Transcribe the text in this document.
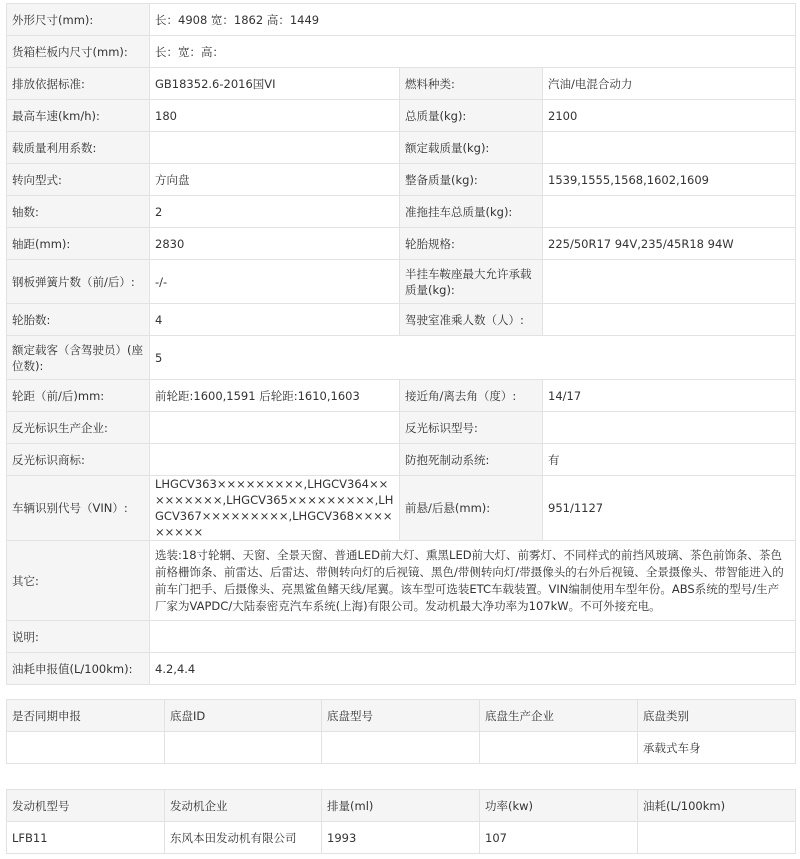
外形尺寸(mm):	长：4908 宽：1862 高：1449		
货箱栏板内尺寸(mm):	长：宽：高：		
排放依据标准:	GB18352.6-2016国VI	燃料种类:	汽油/电混合动力
最高车速(km/h):	180	总质量(kg):	2100
载质量利用系数:		额定载质量(kg):	
转向型式:	方向盘	整备质量(kg):	1539,1555,1568,1602,1609
轴数:	2	准拖挂车总质量(kg):	
轴距(mm):	2830	轮胎规格:	225/50R17 94V,235/45R18 94W
钢板弹簧片数（前/后）:	-/-	半挂车鞍座最大允许承载质量(kg):	
轮胎数:	4	驾驶室准乘人数（人）:	
额定载客（含驾驶员）(座位数):	5		
轮距（前/后)mm:	前轮距:1600,1591 后轮距:1610,1603	接近角/离去角（度）:	14/17
反光标识生产企业:		反光标识型号:	
反光标识商标:		防抱死制动系统:	有
车辆识别代号（VIN）:	LHGCV363×××××××××,LHGCV364×××××××××,LHGCV365×××××××××,LHGCV367×××××××××,LHGCV368×××××××××	前悬/后悬(mm):	951/1127
其它:	选装:18寸轮辋、天窗、全景天窗、普通LED前大灯、熏黑LED前大灯、前雾灯、不同样式的前挡风玻璃、茶色前饰条、茶色前格栅饰条、前雷达、后雷达、带侧转向灯的后视镜、黑色/带侧转向灯/带摄像头的右外后视镜、全景摄像头、带智能进入的前车门把手、后摄像头、亮黑鲨鱼鳍天线/尾翼。该车型可选装ETC车载装置。VIN编制使用车型年份。ABS系统的型号/生产厂家为VAPDC/大陆泰密克汽车系统(上海)有限公司。发动机最大净功率为107kW。不可外接充电。		
说明:			
油耗申报值(L/100km):	4.2,4.4		
是否同期申报	底盘ID	底盘型号	底盘生产企业	底盘类别
				承载式车身
发动机型号	发动机企业	排量(ml)	功率(kw)	油耗(L/100km)
LFB11	东风本田发动机有限公司	1993	107	
